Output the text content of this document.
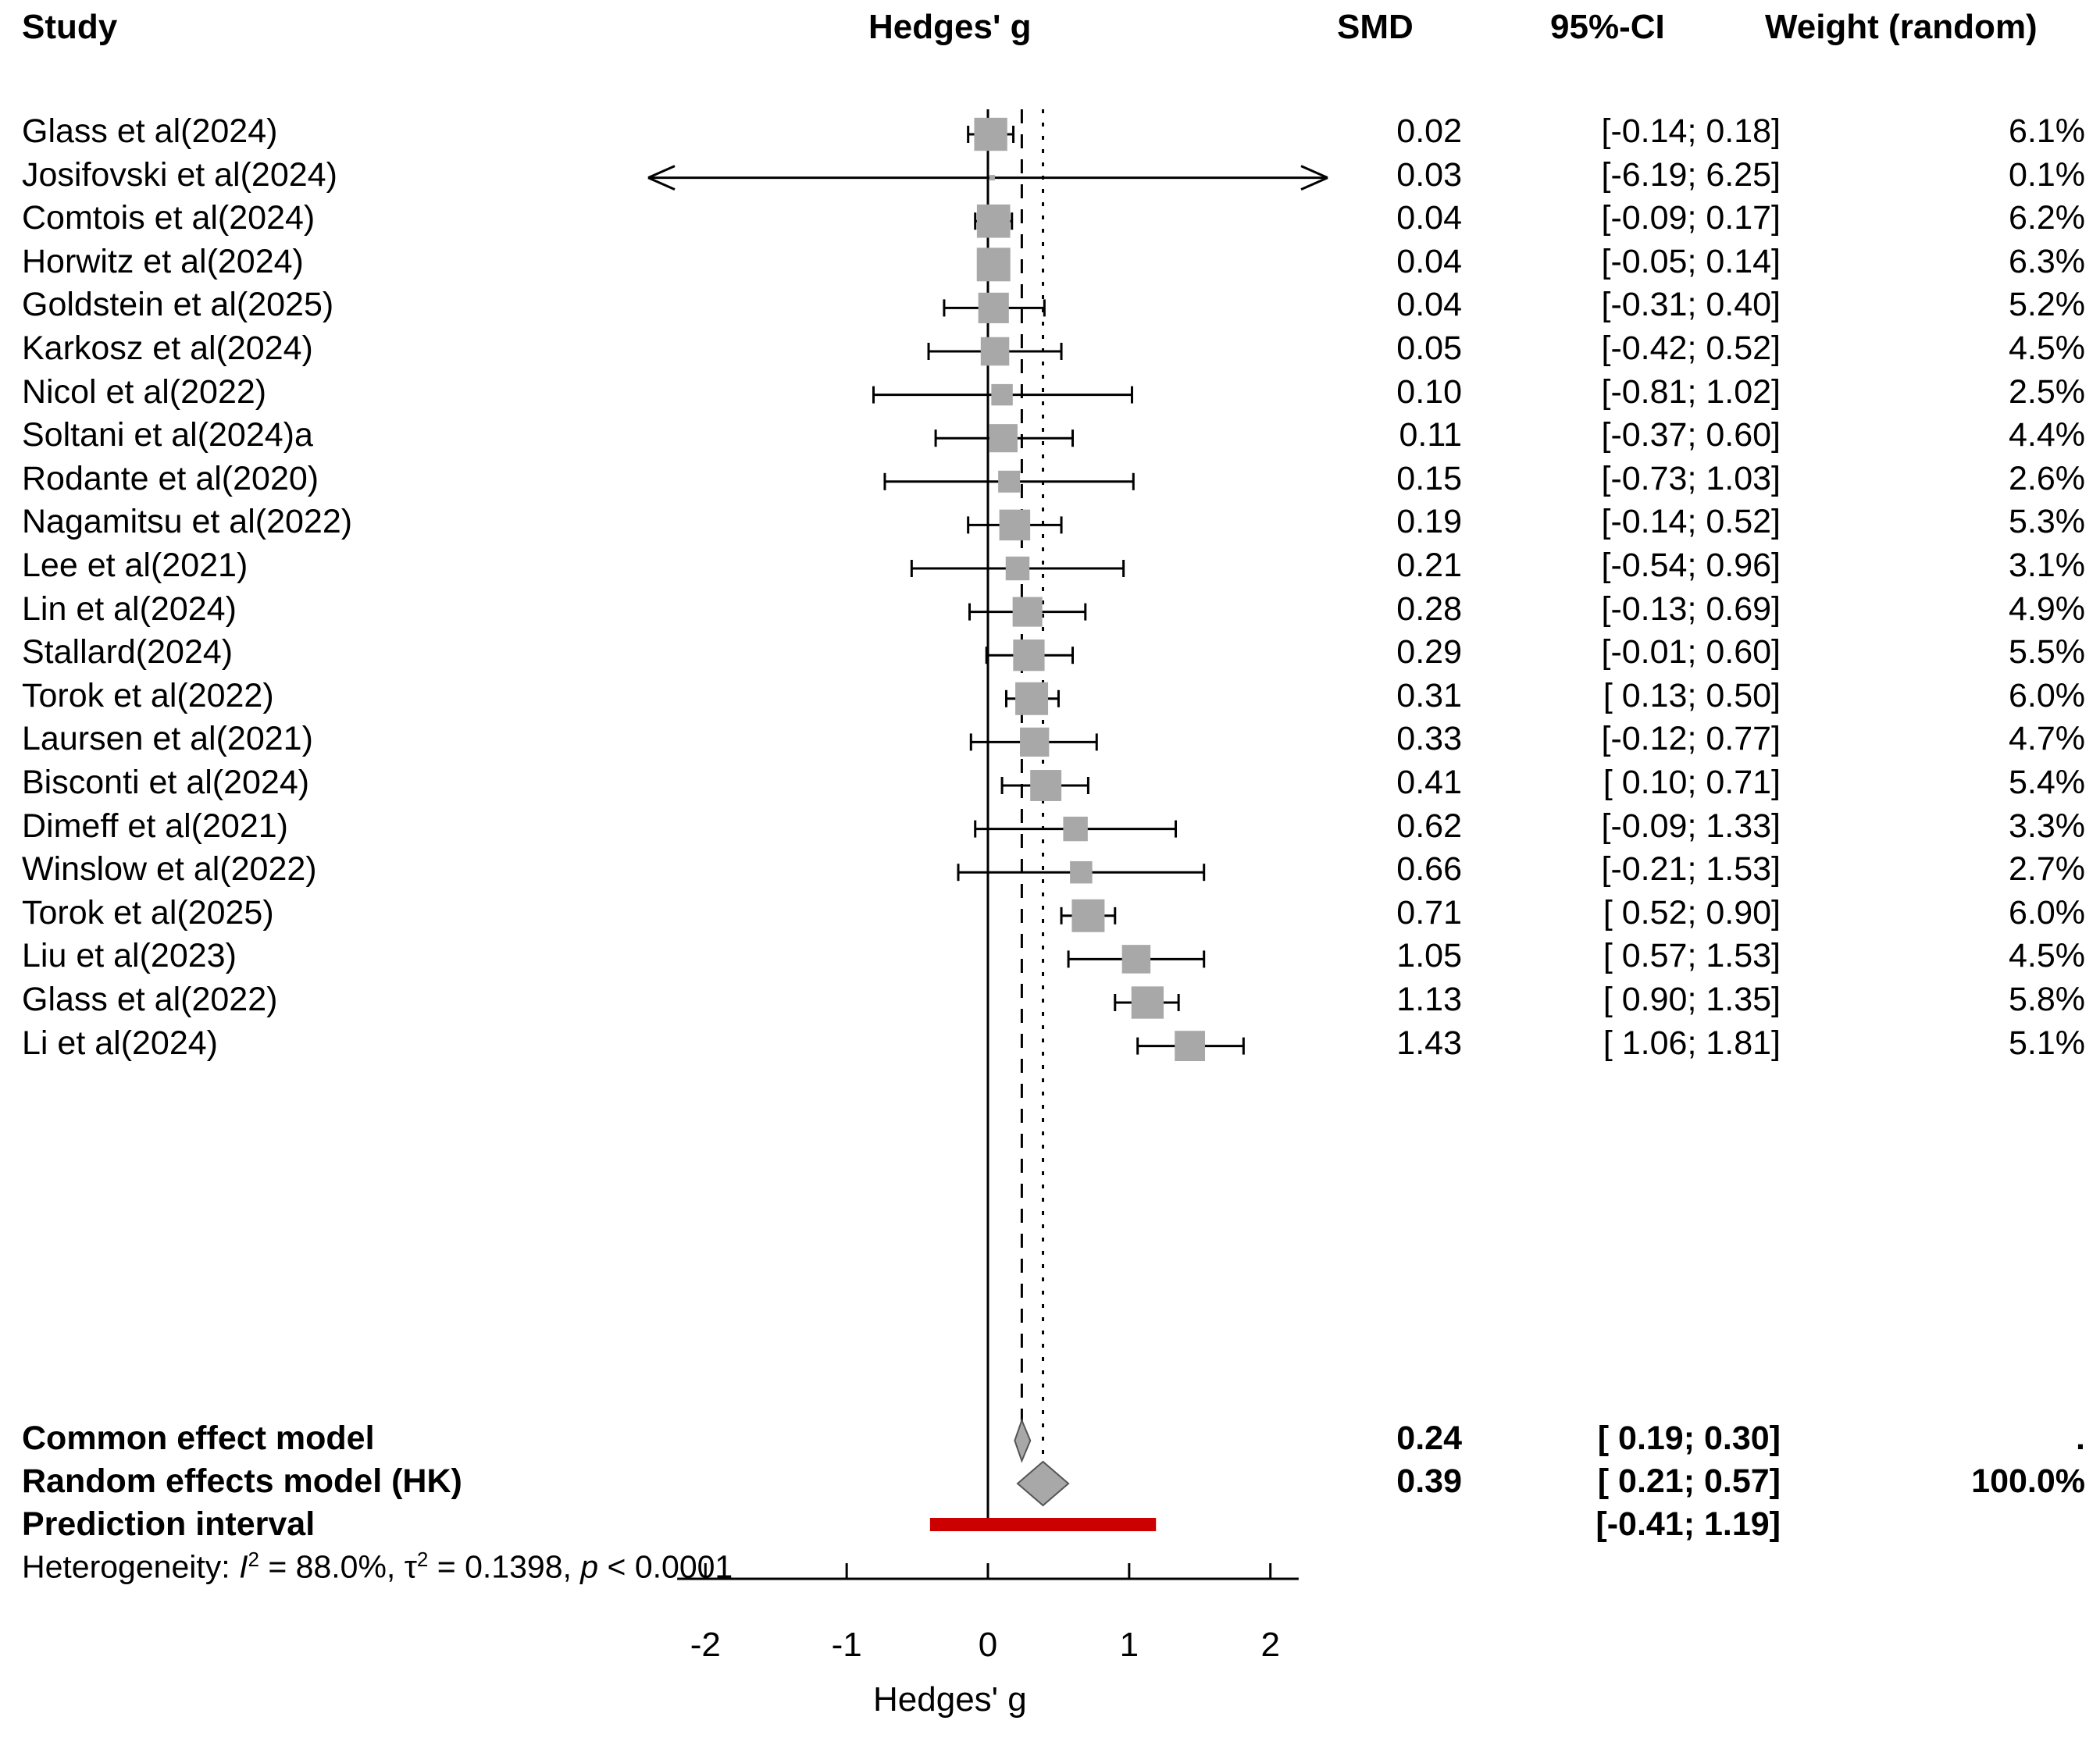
Study	Hedges' g	SMD	95%-CI	Weight (random)
Glass et al(2024)	0.02	[-0.14; 0.18]	6.1%
Josifovski et al(2024)	0.03	[-6.19; 6.25]	0.1%
Comtois et al(2024)	0.04	[-0.09; 0.17]	6.2%
Horwitz et al(2024)	0.04	[-0.05; 0.14]	6.3%
Goldstein et al(2025)	0.04	[-0.31; 0.40]	5.2%
Karkosz et al(2024)	0.05	[-0.42; 0.52]	4.5%
Nicol et al(2022)	0.10	[-0.81; 1.02]	2.5%
Soltani et al(2024)a	0.11	[-0.37; 0.60]	4.4%
Rodante et al(2020)	0.15	[-0.73; 1.03]	2.6%
Nagamitsu et al(2022)	0.19	[-0.14; 0.52]	5.3%
Lee et al(2021)	0.21	[-0.54; 0.96]	3.1%
Lin et al(2024)	0.28	[-0.13; 0.69]	4.9%
Stallard(2024)	0.29	[-0.01; 0.60]	5.5%
Torok et al(2022)	0.31	[ 0.13; 0.50]	6.0%
Laursen et al(2021)	0.33	[-0.12; 0.77]	4.7%
Bisconti et al(2024)	0.41	[ 0.10; 0.71]	5.4%
Dimeff et al(2021)	0.62	[-0.09; 1.33]	3.3%
Winslow et al(2022)	0.66	[-0.21; 1.53]	2.7%
Torok et al(2025)	0.71	[ 0.52; 0.90]	6.0%
Liu et al(2023)	1.05	[ 0.57; 1.53]	4.5%
Glass et al(2022)	1.13	[ 0.90; 1.35]	5.8%
Li et al(2024)	1.43	[ 1.06; 1.81]	5.1%
Common effect model	0.24	[ 0.19; 0.30]	.
Random effects model (HK)	0.39	[ 0.21; 0.57]	100.0%
Prediction interval	[-0.41; 1.19]
Heterogeneity: $I^2 = 88.0\%$, $\tau^2 = 0.1398$, p < 0.0001
-2	-1	0	1	2
Hedges' g
